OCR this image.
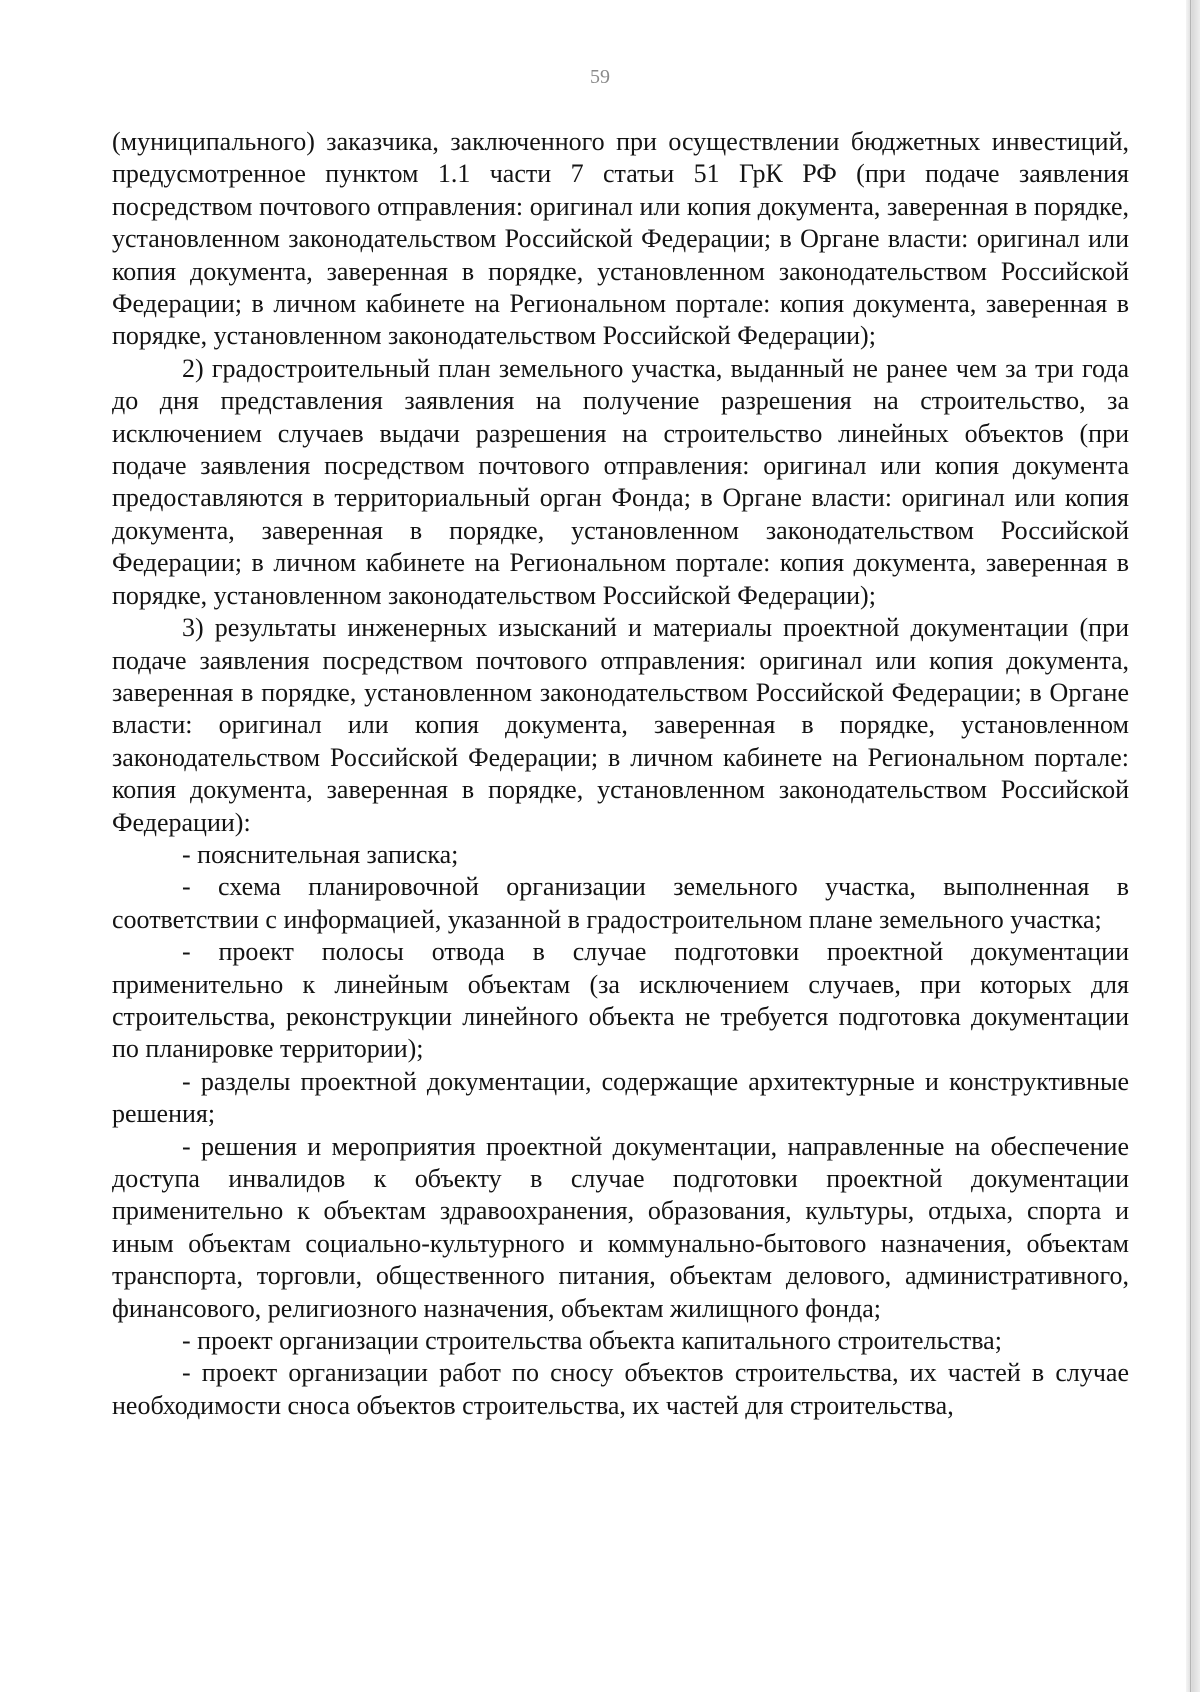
59

(муниципального) заказчика, заключенного при осуществлении бюджетных инвестиций, предусмотренное пунктом 1.1 части 7 статьи 51 ГрК РФ (при подаче заявления посредством почтового отправления: оригинал или копия документа, заверенная в порядке, установленном законодательством Российской Федерации; в Органе власти: оригинал или копия документа, заверенная в порядке, установленном законодательством Российской Федерации; в личном кабинете на Региональном портале: копия документа, заверенная в порядке, установленном законодательством Российской Федерации);

2) градостроительный план земельного участка, выданный не ранее чем за три года до дня представления заявления на получение разрешения на строительство, за исключением случаев выдачи разрешения на строительство линейных объектов (при подаче заявления посредством почтового отправления: оригинал или копия документа предоставляются в территориальный орган Фонда; в Органе власти: оригинал или копия документа, заверенная в порядке, установленном законодательством Российской Федерации; в личном кабинете на Региональном портале: копия документа, заверенная в порядке, установленном законодательством Российской Федерации);

3) результаты инженерных изысканий и материалы проектной документации (при подаче заявления посредством почтового отправления: оригинал или копия документа, заверенная в порядке, установленном законодательством Российской Федерации; в Органе власти: оригинал или копия документа, заверенная в порядке, установленном законодательством Российской Федерации; в личном кабинете на Региональном портале: копия документа, заверенная в порядке, установленном законодательством Российской Федерации):

- пояснительная записка;

- схема планировочной организации земельного участка, выполненная в соответствии с информацией, указанной в градостроительном плане земельного участка;

- проект полосы отвода в случае подготовки проектной документации применительно к линейным объектам (за исключением случаев, при которых для строительства, реконструкции линейного объекта не требуется подготовка документации по планировке территории);

- разделы проектной документации, содержащие архитектурные и конструктивные решения;

- решения и мероприятия проектной документации, направленные на обеспечение доступа инвалидов к объекту в случае подготовки проектной документации применительно к объектам здравоохранения, образования, культуры, отдыха, спорта и иным объектам социально-культурного и коммунально-бытового назначения, объектам транспорта, торговли, общественного питания, объектам делового, административного, финансового, религиозного назначения, объектам жилищного фонда;

- проект организации строительства объекта капитального строительства;

- проект организации работ по сносу объектов строительства, их частей в случае необходимости сноса объектов строительства, их частей для строительства,
